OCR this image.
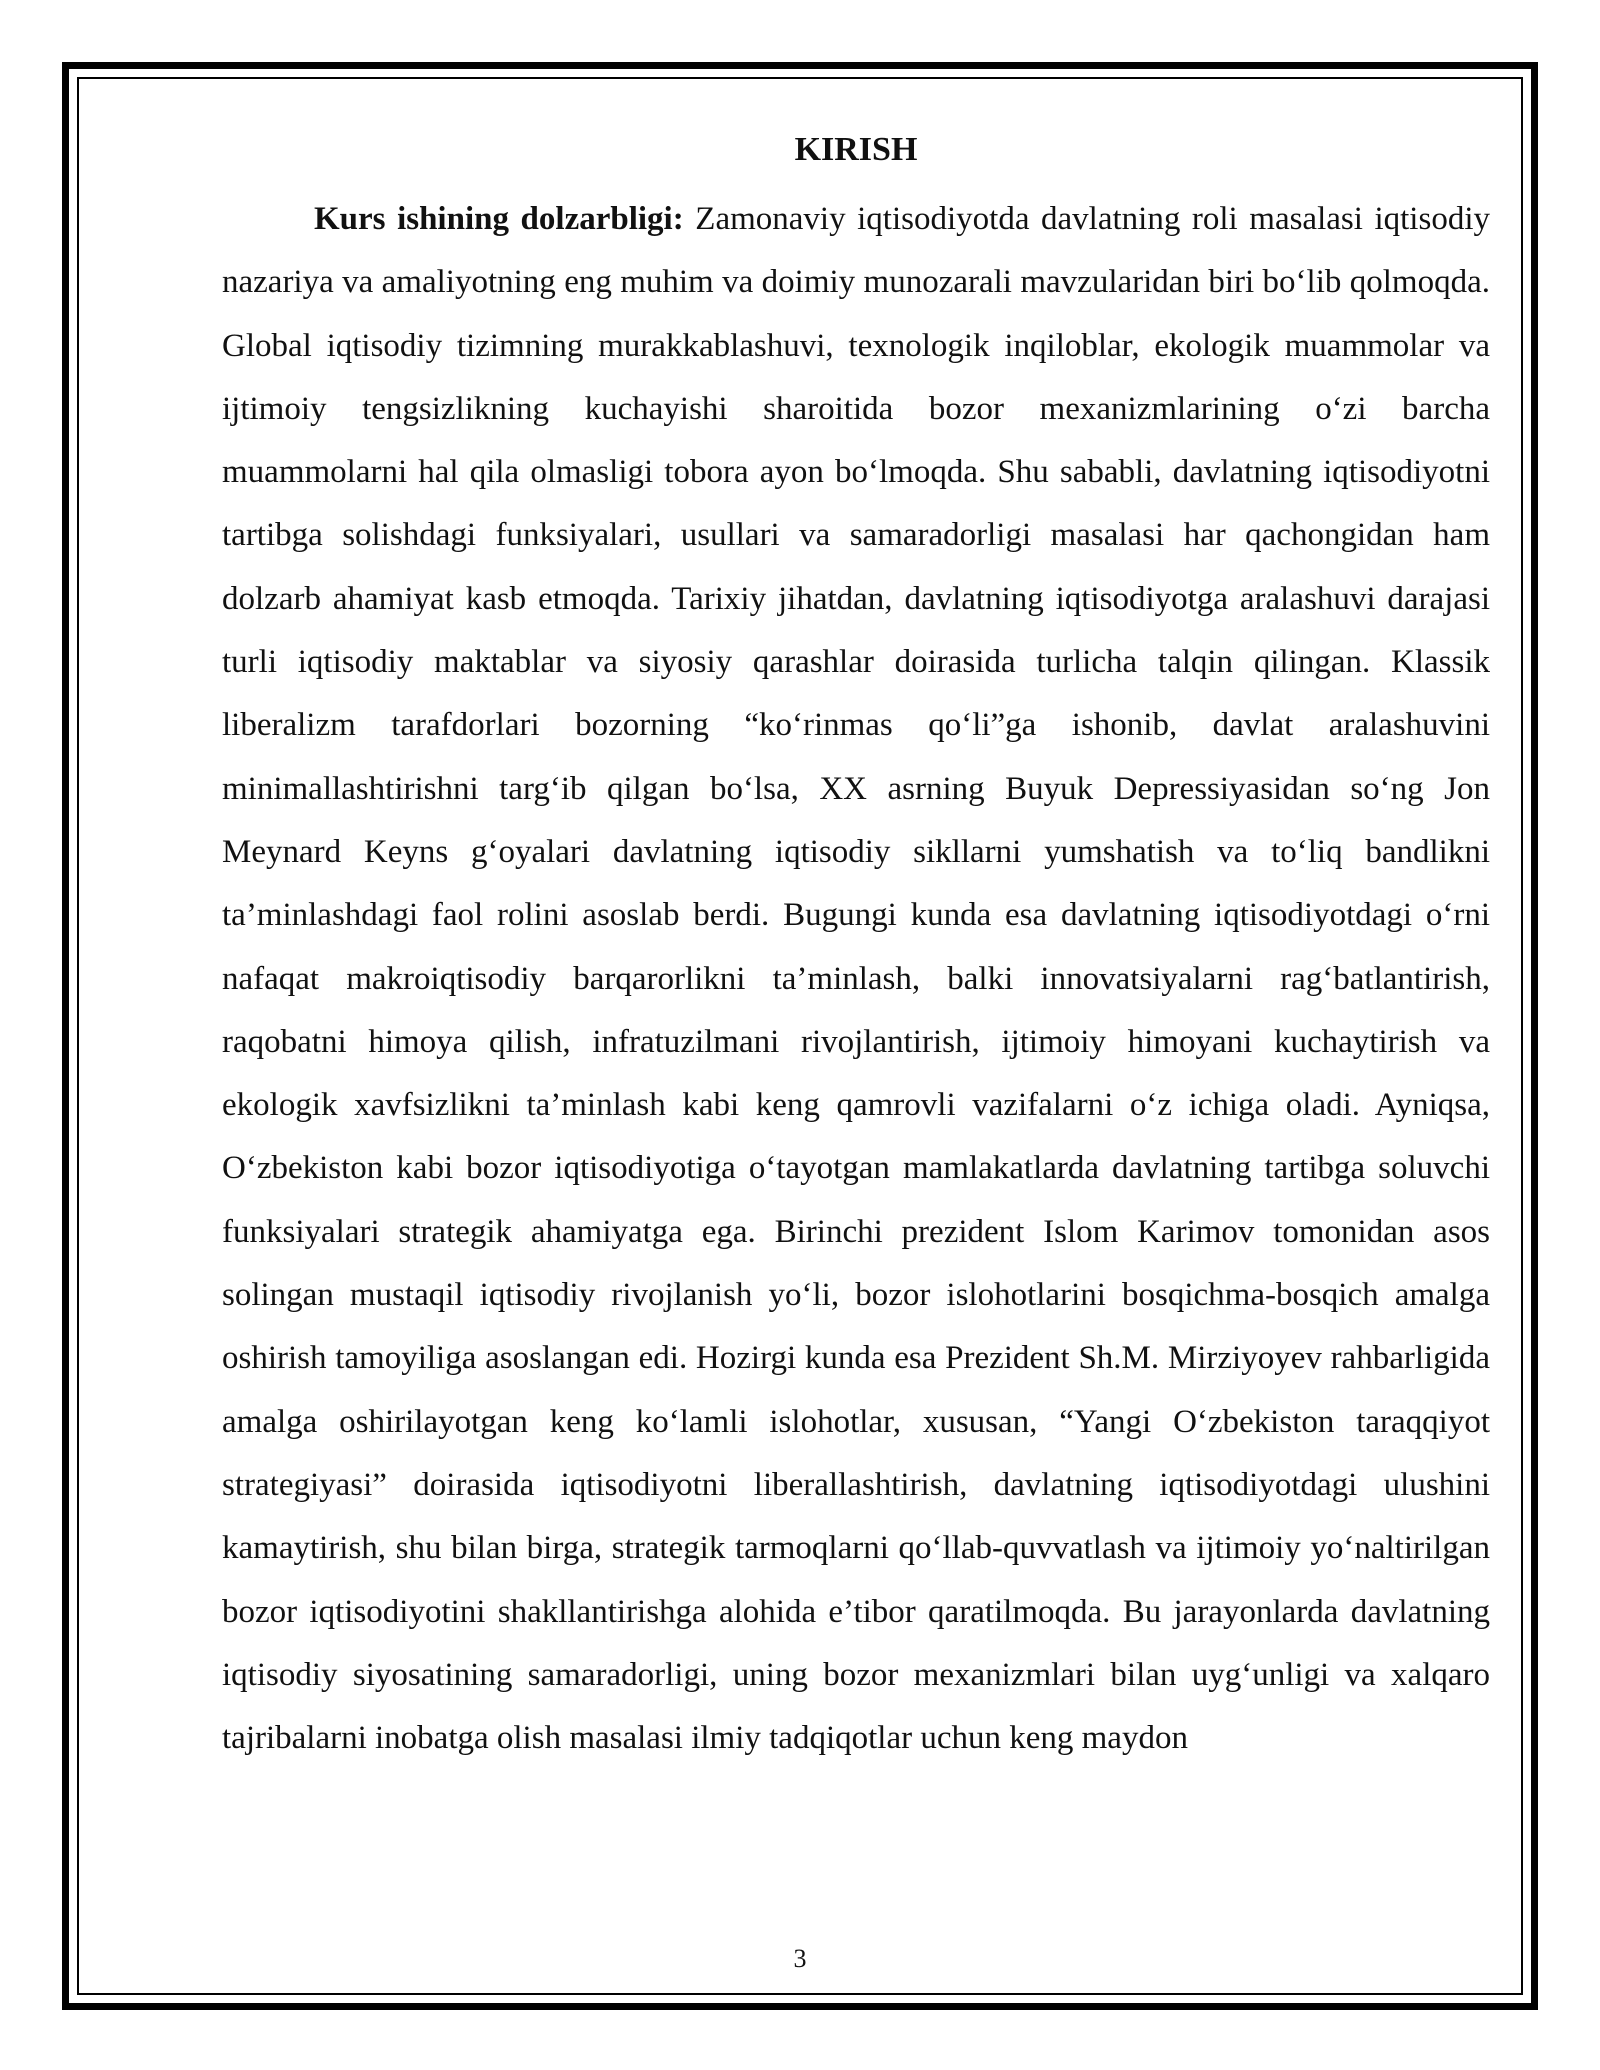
KIRISH

Kurs ishining dolzarbligi: Zamonaviy iqtisodiyotda davlatning roli masalasi iqtisodiy nazariya va amaliyotning eng muhim va doimiy munozarali mavzularidan biri bo‘lib qolmoqda. Global iqtisodiy tizimning murakkablashuvi, texnologik inqiloblar, ekologik muammolar va ijtimoiy tengsizlikning kuchayishi sharoitida bozor mexanizmlarining o‘zi barcha muammolarni hal qila olmasligi tobora ayon bo‘lmoqda. Shu sababli, davlatning iqtisodiyotni tartibga solishdagi funksiyalari, usullari va samaradorligi masalasi har qachongidan ham dolzarb ahamiyat kasb etmoqda. Tarixiy jihatdan, davlatning iqtisodiyotga aralashuvi darajasi turli iqtisodiy maktablar va siyosiy qarashlar doirasida turlicha talqin qilingan. Klassik liberalizm tarafdorlari bozorning “ko‘rinmas qo‘li”ga ishonib, davlat aralashuvini minimallashtirishni targ‘ib qilgan bo‘lsa, XX asrning Buyuk Depressiyasidan so‘ng Jon Meynard Keyns g‘oyalari davlatning iqtisodiy sikllarni yumshatish va to‘liq bandlikni ta’minlashdagi faol rolini asoslab berdi. Bugungi kunda esa davlatning iqtisodiyotdagi o‘rni nafaqat makroiqtisodiy barqarorlikni ta’minlash, balki innovatsiyalarni rag‘batlantirish, raqobatni himoya qilish, infratuzilmani rivojlantirish, ijtimoiy himoyani kuchaytirish va ekologik xavfsizlikni ta’minlash kabi keng qamrovli vazifalarni o‘z ichiga oladi. Ayniqsa, O‘zbekiston kabi bozor iqtisodiyotiga o‘tayotgan mamlakatlarda davlatning tartibga soluvchi funksiyalari strategik ahamiyatga ega. Birinchi prezident Islom Karimov tomonidan asos solingan mustaqil iqtisodiy rivojlanish yo‘li, bozor islohotlarini bosqichma-bosqich amalga oshirish tamoyiliga asoslangan edi. Hozirgi kunda esa Prezident Sh.M. Mirziyoyev rahbarligida amalga oshirilayotgan keng ko‘lamli islohotlar, xususan, “Yangi O‘zbekiston taraqqiyot strategiyasi” doirasida iqtisodiyotni liberallashtirish, davlatning iqtisodiyotdagi ulushini kamaytirish, shu bilan birga, strategik tarmoqlarni qo‘llab-quvvatlash va ijtimoiy yo‘naltirilgan bozor iqtisodiyotini shakllantirishga alohida e’tibor qaratilmoqda. Bu jarayonlarda davlatning iqtisodiy siyosatining samaradorligi, uning bozor mexanizmlari bilan uyg‘unligi va xalqaro tajribalarni inobatga olish masalasi ilmiy tadqiqotlar uchun keng maydon

3
